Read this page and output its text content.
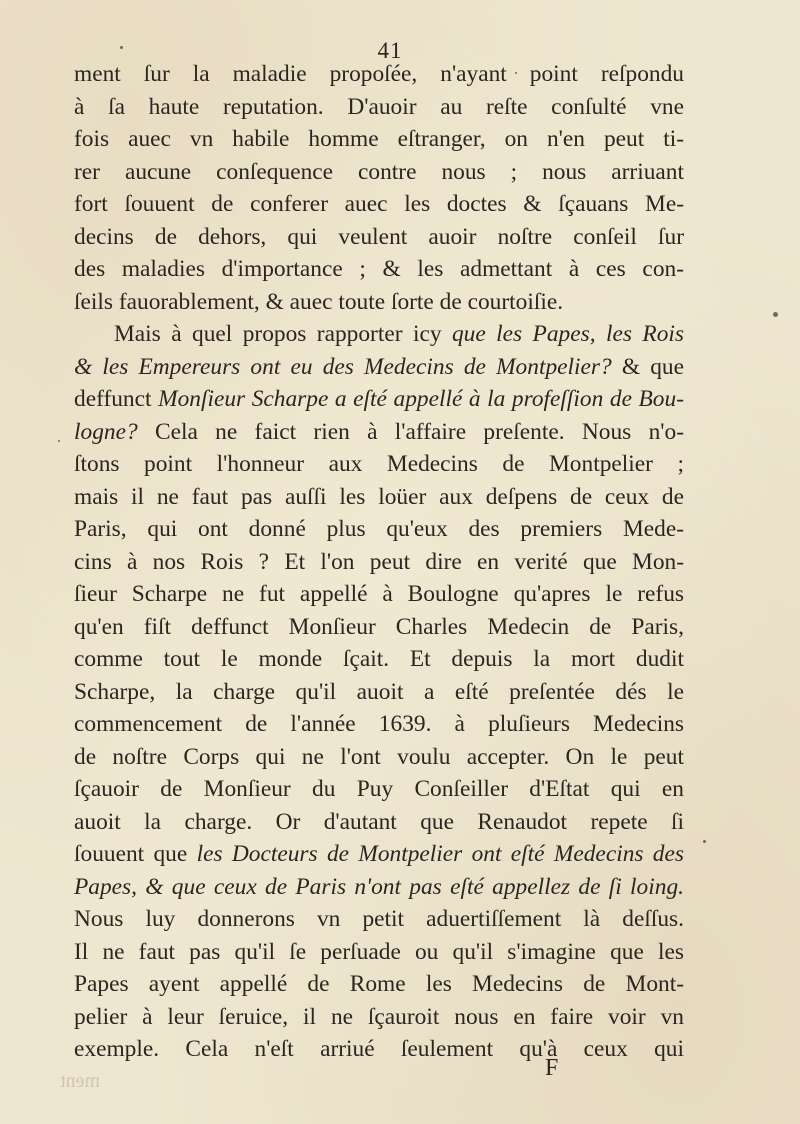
41
ment ſur la maladie propoſée, n'ayant point reſpondu
à ſa haute reputation. D'auoir au reſte conſulté vne
fois auec vn habile homme eſtranger, on n'en peut ti-
rer aucune conſequence contre nous ; nous arriuant
fort ſouuent de conferer auec les doctes & ſçauans Me-
decins de dehors, qui veulent auoir noſtre conſeil ſur
des maladies d'importance ; & les admettant à ces con-
ſeils fauorablement, & auec toute ſorte de courtoiſie.
Mais à quel propos rapporter icy que les Papes, les Rois
& les Empereurs ont eu des Medecins de Montpelier? & que
deffunct Monſieur Scharpe a eſté appellé à la profeſſion de Bou-
logne? Cela ne faict rien à l'affaire preſente. Nous n'o-
ſtons point l'honneur aux Medecins de Montpelier ;
mais il ne faut pas auſſi les loüer aux deſpens de ceux de
Paris, qui ont donné plus qu'eux des premiers Mede-
cins à nos Rois ? Et l'on peut dire en verité que Mon-
ſieur Scharpe ne fut appellé à Boulogne qu'apres le refus
qu'en fiſt deffunct Monſieur Charles Medecin de Paris,
comme tout le monde ſçait. Et depuis la mort dudit
Scharpe, la charge qu'il auoit a eſté preſentée dés le
commencement de l'année 1639. à pluſieurs Medecins
de noſtre Corps qui ne l'ont voulu accepter. On le peut
ſçauoir de Monſieur du Puy Conſeiller d'Eſtat qui en
auoit la charge. Or d'autant que Renaudot repete ſi
ſouuent que les Docteurs de Montpelier ont eſté Medecins des
Papes, & que ceux de Paris n'ont pas eſté appellez de ſi loing.
Nous luy donnerons vn petit aduertiſſement là deſſus.
Il ne faut pas qu'il ſe perſuade ou qu'il s'imagine que les
Papes ayent appellé de Rome les Medecins de Mont-
pelier à leur ſeruice, il ne ſçauroit nous en faire voir vn
exemple. Cela n'eſt arriué ſeulement qu'à ceux qui
F
ment
